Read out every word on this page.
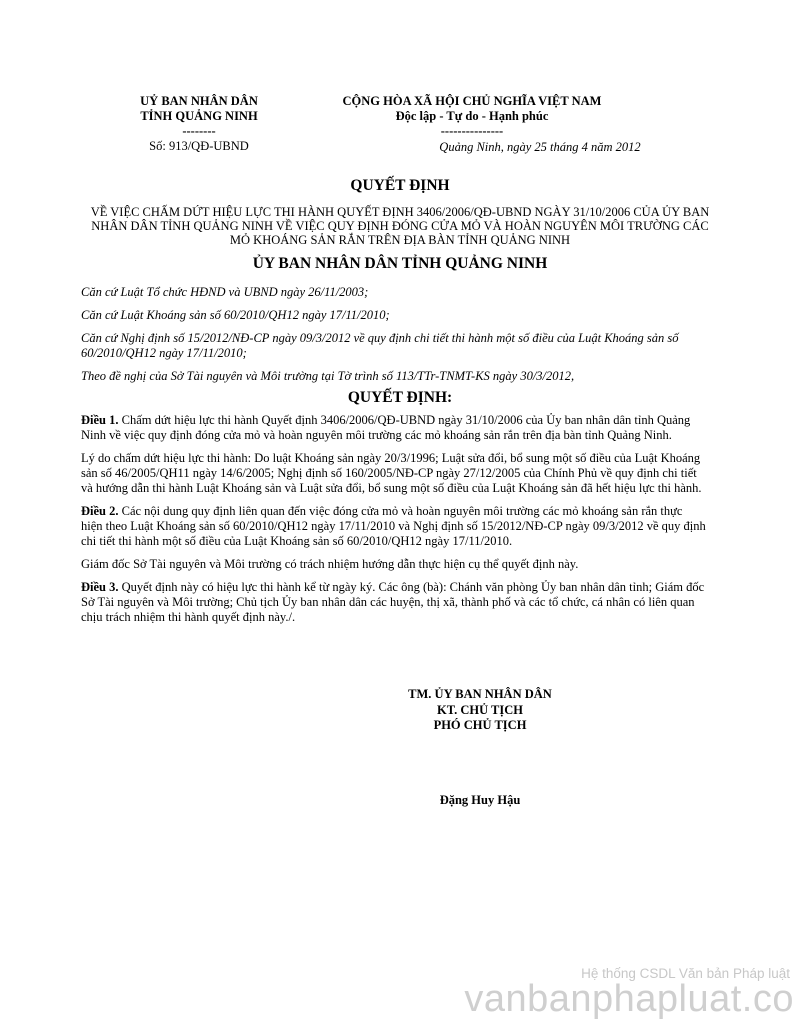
UỶ BAN NHÂN DÂN
TỈNH QUẢNG NINH
--------
Số: 913/QĐ-UBND
CỘNG HÒA XÃ HỘI CHỦ NGHĨA VIỆT NAM
Độc lập - Tự do - Hạnh phúc
---------------
Quảng Ninh, ngày 25 tháng 4 năm 2012
QUYẾT ĐỊNH
VỀ VIỆC CHẤM DỨT HIỆU LỰC THI HÀNH QUYẾT ĐỊNH 3406/2006/QĐ-UBND NGÀY 31/10/2006 CỦA ỦY BAN NHÂN DÂN TỈNH QUẢNG NINH VỀ VIỆC QUY ĐỊNH ĐÓNG CỬA MỎ VÀ HOÀN NGUYÊN MÔI TRƯỜNG CÁC MỎ KHOÁNG SẢN RẮN TRÊN ĐỊA BÀN TỈNH QUẢNG NINH
ỦY BAN NHÂN DÂN TỈNH QUẢNG NINH

Căn cứ Luật Tổ chức HĐND và UBND ngày 26/11/2003;

Căn cứ Luật Khoáng sản số 60/2010/QH12 ngày 17/11/2010;

Căn cứ Nghị định số 15/2012/NĐ-CP ngày 09/3/2012 về quy định chi tiết thi hành một số điều của Luật Khoáng sản số 60/2010/QH12 ngày 17/11/2010;

Theo đề nghị của Sở Tài nguyên và Môi trường tại Tờ trình số 113/TTr-TNMT-KS ngày 30/3/2012,

QUYẾT ĐỊNH:

Điều 1. Chấm dứt hiệu lực thi hành Quyết định 3406/2006/QĐ-UBND ngày 31/10/2006 của Ủy ban nhân dân tỉnh Quảng Ninh về việc quy định đóng cửa mỏ và hoàn nguyên môi trường các mỏ khoáng sản rắn trên địa bàn tỉnh Quảng Ninh.

Lý do chấm dứt hiệu lực thi hành: Do luật Khoáng sản ngày 20/3/1996; Luật sửa đổi, bổ sung một số điều của Luật Khoáng sản số 46/2005/QH11 ngày 14/6/2005; Nghị định số 160/2005/NĐ-CP ngày 27/12/2005 của Chính Phủ về quy định chi tiết và hướng dẫn thi hành Luật Khoáng sản và Luật sửa đổi, bổ sung một số điều của Luật Khoáng sản đã hết hiệu lực thi hành.

Điều 2. Các nội dung quy định liên quan đến việc đóng cửa mỏ và hoàn nguyên môi trường các mỏ khoáng sản rắn thực hiện theo Luật Khoáng sản số 60/2010/QH12 ngày 17/11/2010 và Nghị định số 15/2012/NĐ-CP ngày 09/3/2012 về quy định chi tiết thi hành một số điều của Luật Khoáng sản số 60/2010/QH12 ngày 17/11/2010.

Giám đốc Sở Tài nguyên và Môi trường có trách nhiệm hướng dẫn thực hiện cụ thể quyết định này.

Điều 3. Quyết định này có hiệu lực thi hành kể từ ngày ký. Các ông (bà): Chánh văn phòng Ủy ban nhân dân tỉnh; Giám đốc Sở Tài nguyên và Môi trường; Chủ tịch Ủy ban nhân dân các huyện, thị xã, thành phố và các tổ chức, cá nhân có liên quan chịu trách nhiệm thi hành quyết định này./.

TM. ỦY BAN NHÂN DÂN
KT. CHỦ TỊCH
PHÓ CHỦ TỊCH
Đặng Huy Hậu
Hệ thống CSDL Văn bản Pháp luật
vanbanphapluat.co
